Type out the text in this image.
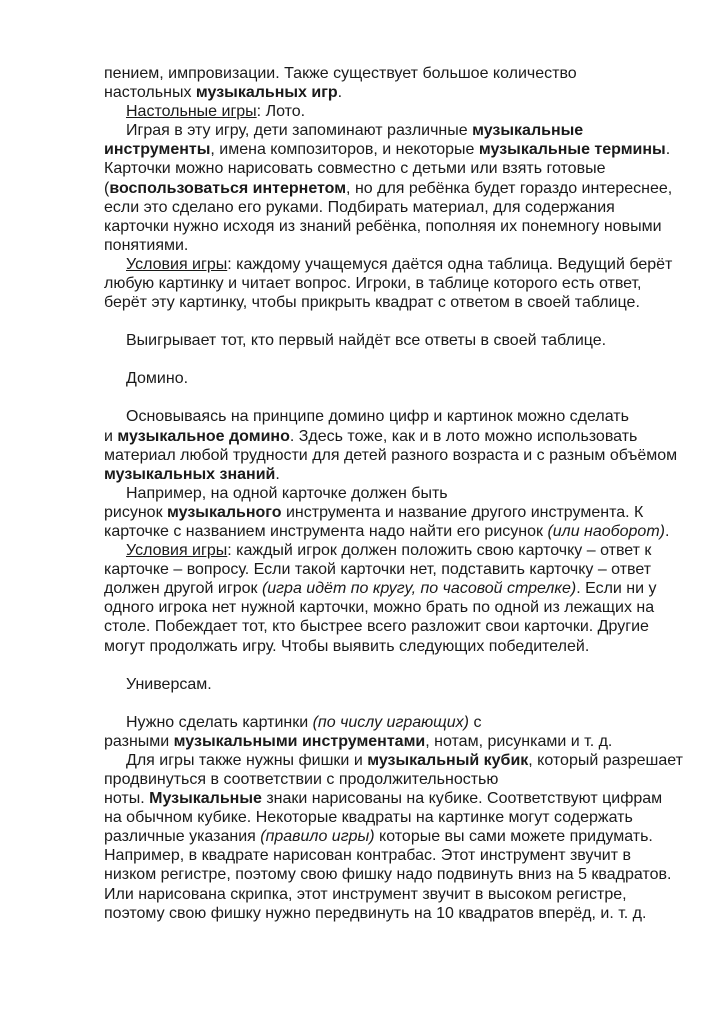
пением, импровизации. Также существует большое количество
настольных музыкальных игр.

Настольные игры: Лото.

Играя в эту игру, дети запоминают различные музыкальные инструменты, имена композиторов, и некоторые музыкальные термины. Карточки можно нарисовать совместно с детьми или взять готовые (воспользоваться интернетом, но для ребёнка будет гораздо интереснее, если это сделано его руками. Подбирать материал, для содержания карточки нужно исходя из знаний ребёнка, пополняя их понемногу новыми понятиями.

Условия игры: каждому учащемуся даётся одна таблица. Ведущий берёт любую картинку и читает вопрос. Игроки, в таблице которого есть ответ, берёт эту картинку, чтобы прикрыть квадрат с ответом в своей таблице.

Выигрывает тот, кто первый найдёт все ответы в своей таблице.

Домино.

Основываясь на принципе домино цифр и картинок можно сделать
и музыкальное домино. Здесь тоже, как и в лото можно использовать материал любой трудности для детей разного возраста и с разным объёмом музыкальных знаний.

Например, на одной карточке должен быть
рисунок музыкального инструмента и название другого инструмента. К карточке с названием инструмента надо найти его рисунок (или наоборот).

Условия игры: каждый игрок должен положить свою карточку – ответ к карточке – вопросу. Если такой карточки нет, подставить карточку – ответ должен другой игрок (игра идёт по кругу, по часовой стрелке). Если ни у одного игрока нет нужной карточки, можно брать по одной из лежащих на столе. Побеждает тот, кто быстрее всего разложит свои карточки. Другие могут продолжать игру. Чтобы выявить следующих победителей.

Универсам.

Нужно сделать картинки (по числу играющих) с
разными музыкальными инструментами, нотам, рисунками и т. д.

Для игры также нужны фишки и музыкальный кубик, который разрешает продвинуться в соответствии с продолжительностью
ноты. Музыкальные знаки нарисованы на кубике. Соответствуют цифрам на обычном кубике. Некоторые квадраты на картинке могут содержать различные указания (правило игры) которые вы сами можете придумать. Например, в квадрате нарисован контрабас. Этот инструмент звучит в низком регистре, поэтому свою фишку надо подвинуть вниз на 5 квадратов. Или нарисована скрипка, этот инструмент звучит в высоком регистре, поэтому свою фишку нужно передвинуть на 10 квадратов вперёд, и. т. д.
